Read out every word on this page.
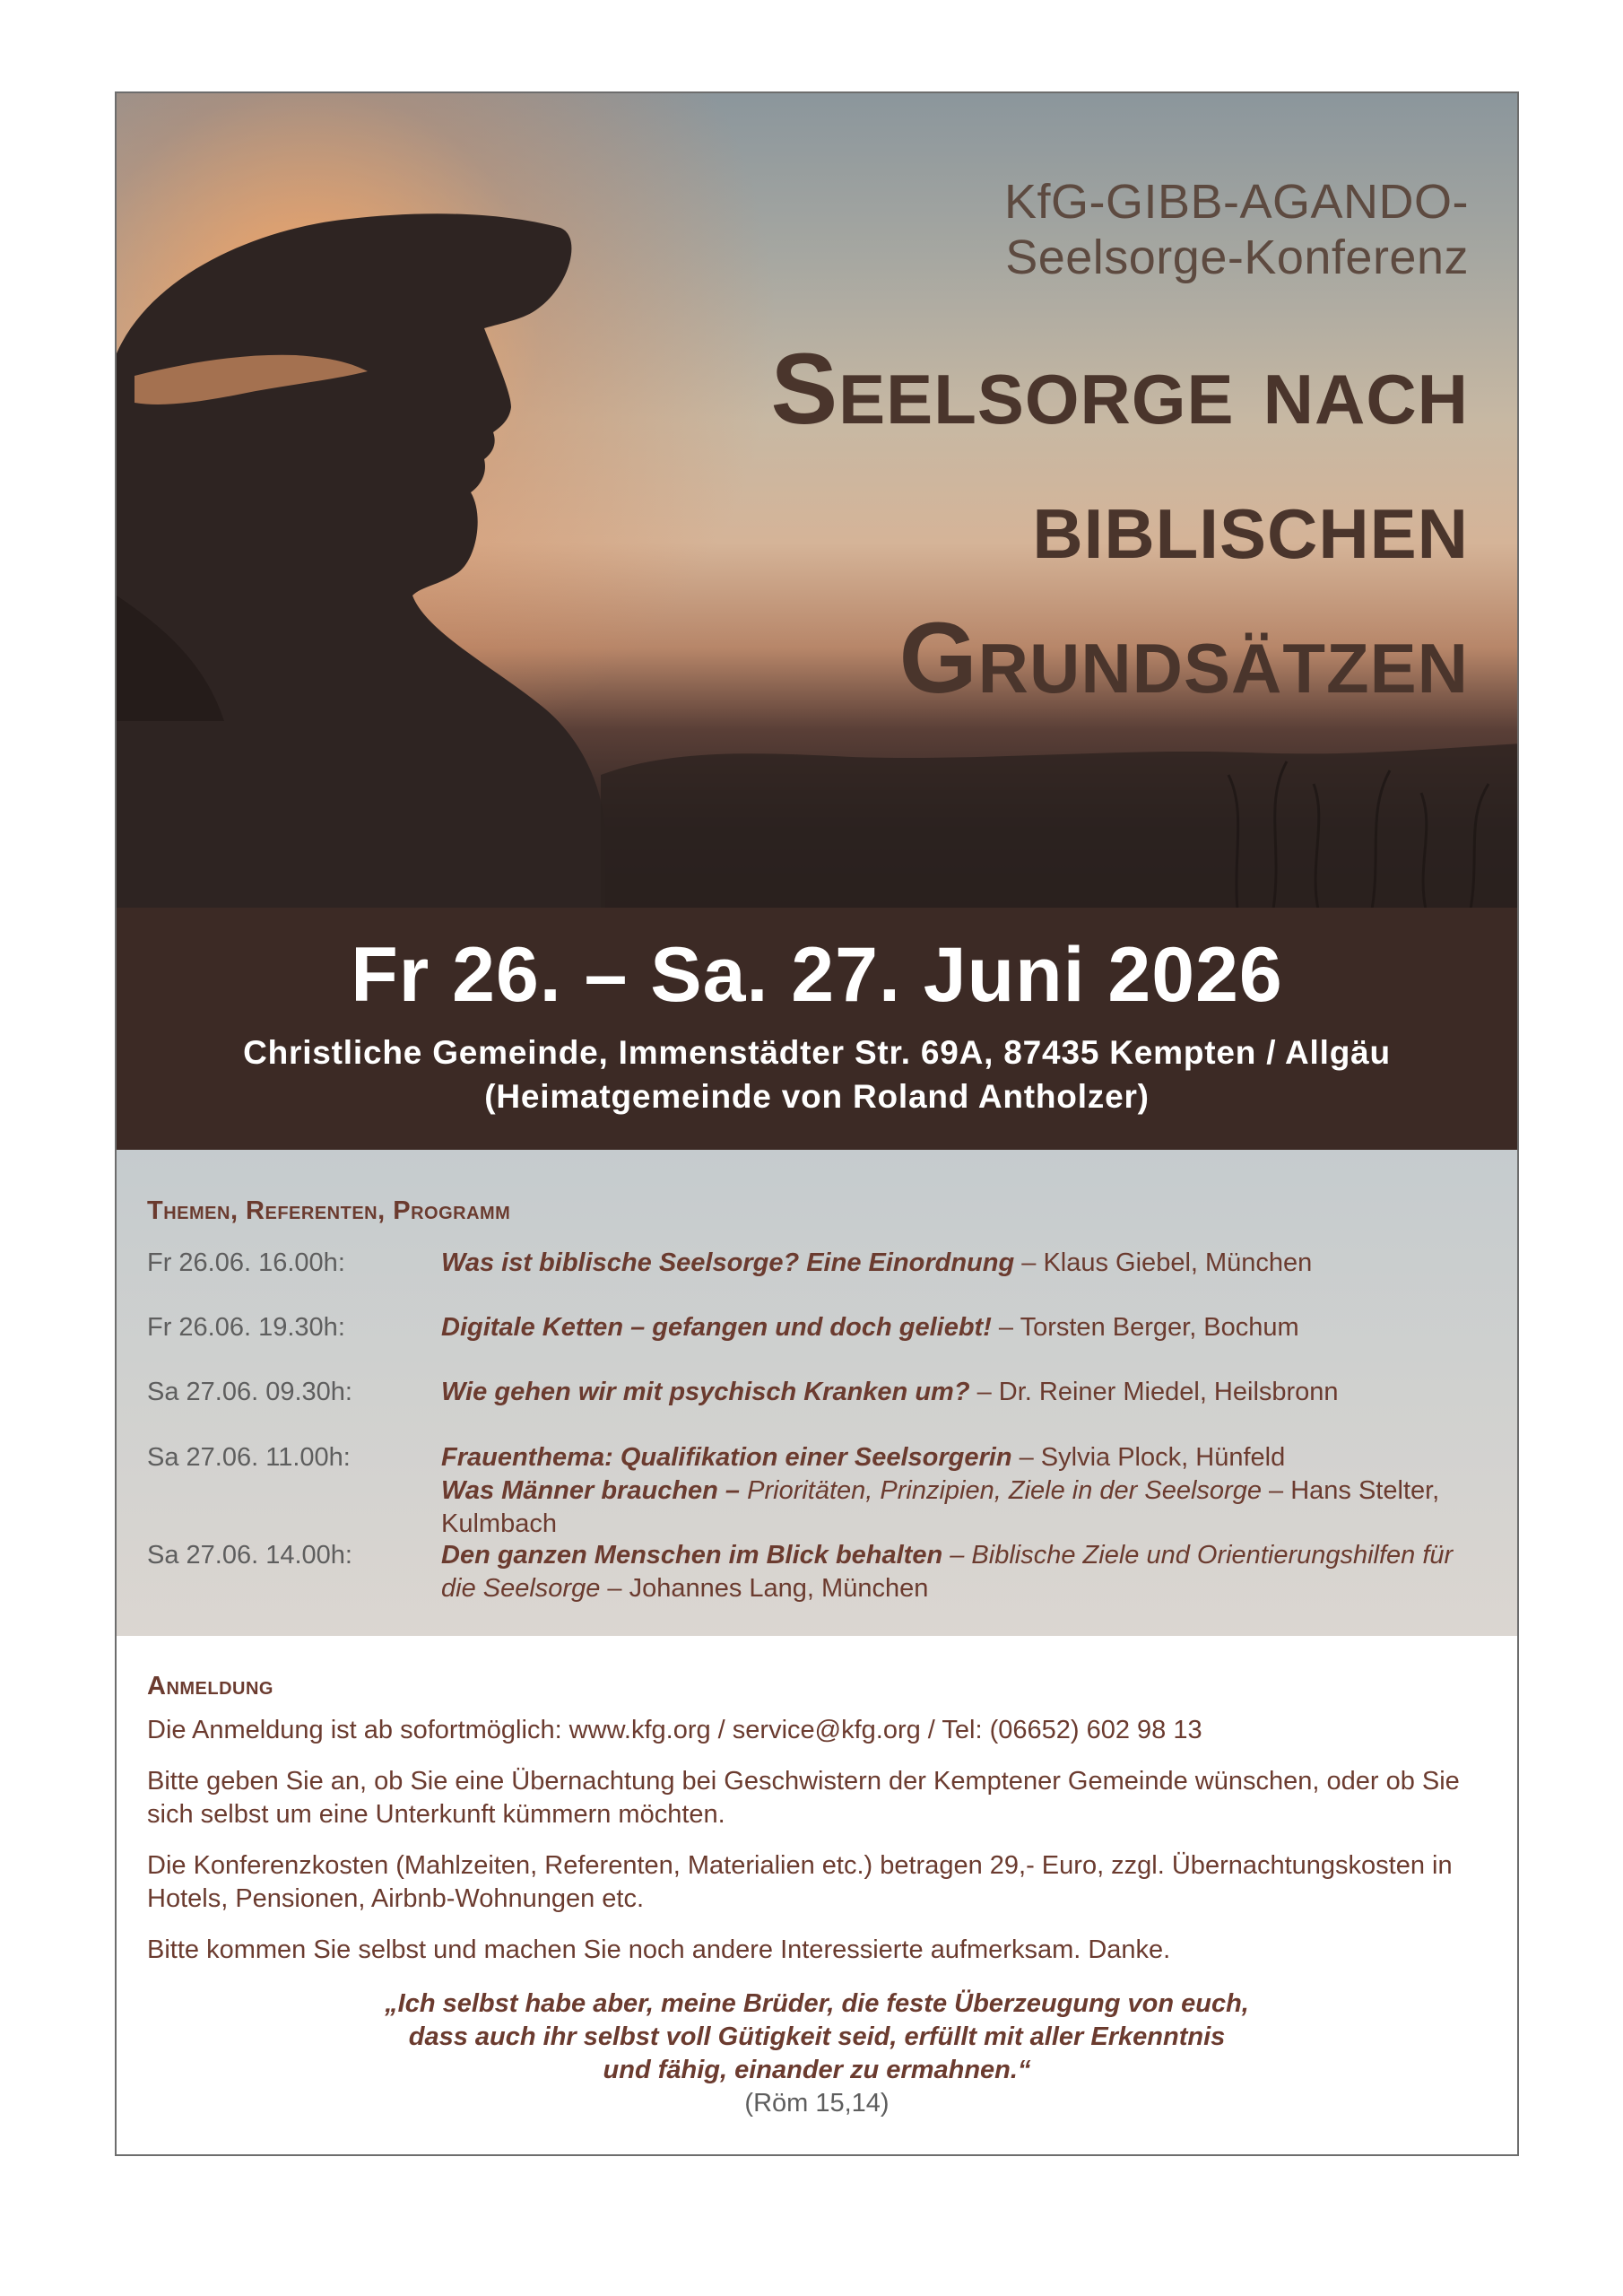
KfG-GIBB-AGANDO-
Seelsorge-Konferenz
Seelsorge nach
biblischen
Grundsätzen
Fr 26. – Sa. 27. Juni 2026
Christliche Gemeinde, Immenstädter Str. 69A, 87435 Kempten / Allgäu
(Heimatgemeinde von Roland Antholzer)
Themen, Referenten, Programm
Fr 26.06. 16.00h:	Was ist biblische Seelsorge? Eine Einordnung – Klaus Giebel, München
Fr 26.06. 19.30h:	Digitale Ketten – gefangen und doch geliebt! – Torsten Berger, Bochum
Sa 27.06. 09.30h:	Wie gehen wir mit psychisch Kranken um? – Dr. Reiner Miedel, Heilsbronn
Sa 27.06. 11.00h:	Frauenthema: Qualifikation einer Seelsorgerin – Sylvia Plock, Hünfeld
Was Männer brauchen – Prioritäten, Prinzipien, Ziele in der Seelsorge – Hans Stelter, Kulmbach
Sa 27.06. 14.00h:	Den ganzen Menschen im Blick behalten – Biblische Ziele und Orientierungshilfen für
die Seelsorge – Johannes Lang, München
Anmeldung

Die Anmeldung ist ab sofortmöglich: www.kfg.org / service@kfg.org / Tel: (06652) 602 98 13

Bitte geben Sie an, ob Sie eine Übernachtung bei Geschwistern der Kemptener Gemeinde wünschen, oder ob Sie sich selbst um eine Unterkunft kümmern möchten.

Die Konferenzkosten (Mahlzeiten, Referenten, Materialien etc.) betragen 29,- Euro, zzgl. Übernachtungskosten in Hotels, Pensionen, Airbnb-Wohnungen etc.

Bitte kommen Sie selbst und machen Sie noch andere Interessierte aufmerksam. Danke.

„Ich selbst habe aber, meine Brüder, die feste Überzeugung von euch,
dass auch ihr selbst voll Gütigkeit seid, erfüllt mit aller Erkenntnis
und fähig, einander zu ermahnen.“
(Röm 15,14)
